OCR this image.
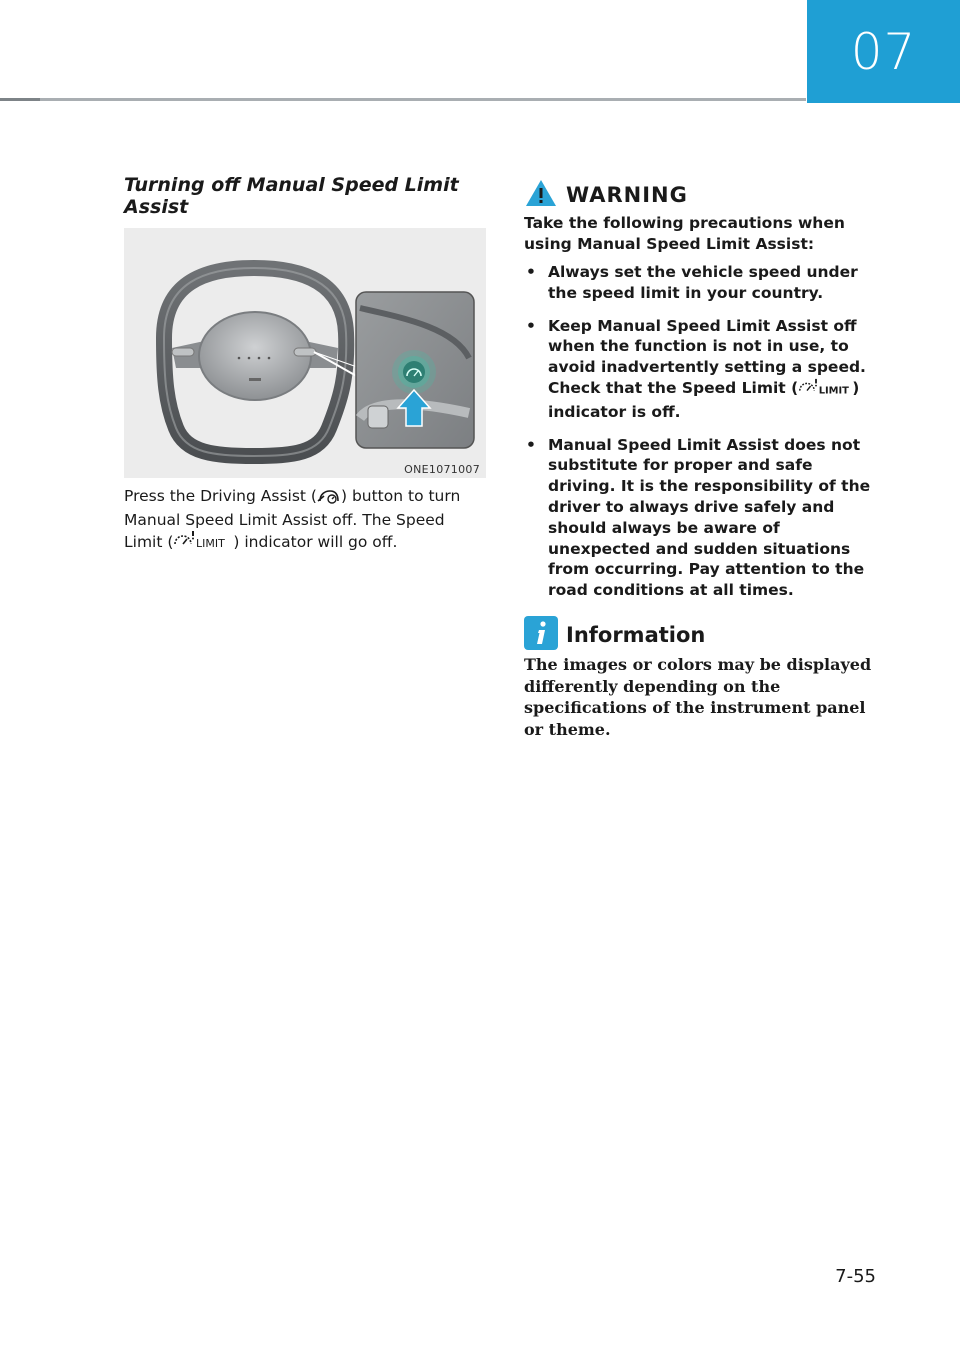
07
Turning off Manual Speed Limit Assist
ONE1071007
Press the Driving Assist ( ) button to turn Manual Speed Limit Assist off. The Speed Limit ( LIMIT ) indicator will go off.
WARNING
Take the following precautions when using Manual Speed Limit Assist:
• Always set the vehicle speed under the speed limit in your country.
• Keep Manual Speed Limit Assist off when the function is not in use, to avoid inadvertently setting a speed. Check that the Speed Limit ( LIMIT ) indicator is off.
• Manual Speed Limit Assist does not substitute for proper and safe driving. It is the responsibility of the driver to always drive safely and should always be aware of unexpected and sudden situations from occurring. Pay attention to the road conditions at all times.
Information
The images or colors may be displayed differently depending on the specifications of the instrument panel or theme.
7-55
